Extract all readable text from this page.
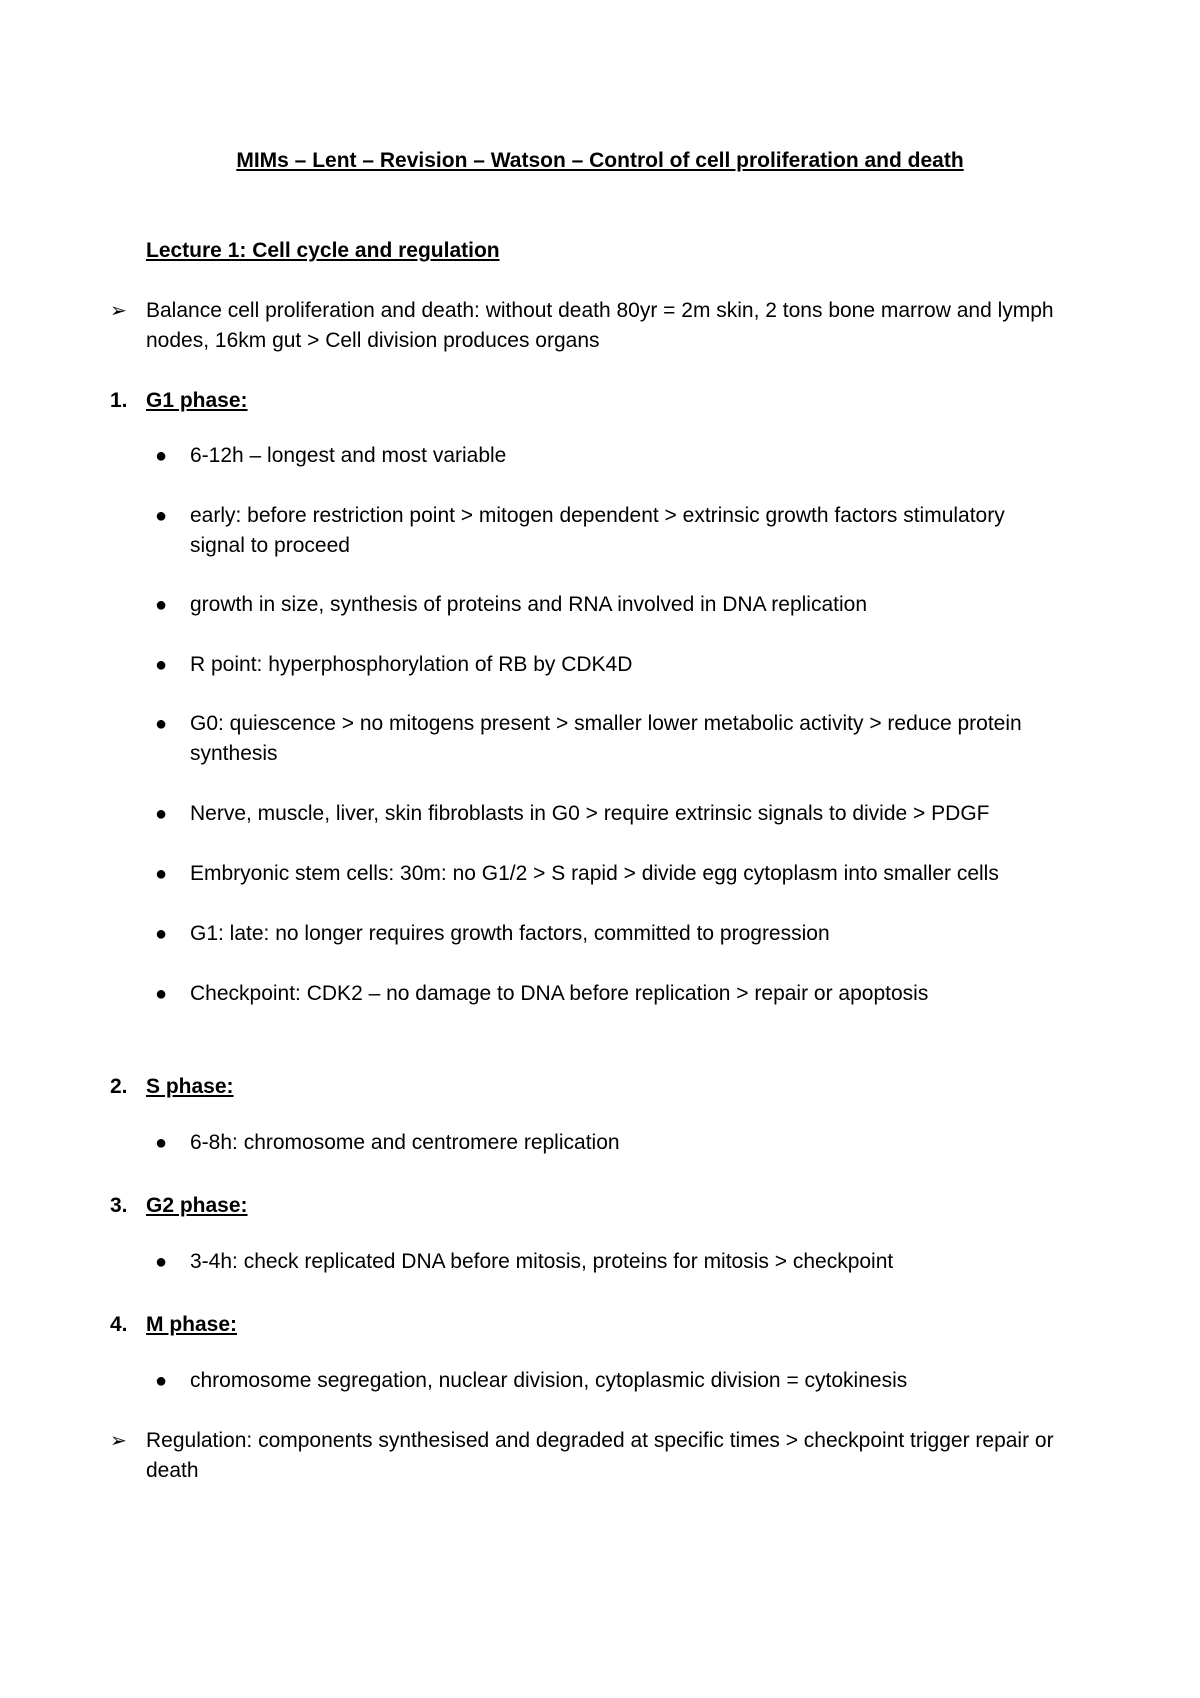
MIMs – Lent – Revision – Watson – Control of cell proliferation and death
Lecture 1: Cell cycle and regulation
➢ Balance cell proliferation and death: without death 80yr = 2m skin, 2 tons bone marrow and lymph nodes, 16km gut > Cell division produces organs
1. G1 phase:
● 6-12h – longest and most variable
● early: before restriction point > mitogen dependent > extrinsic growth factors stimulatory signal to proceed
● growth in size, synthesis of proteins and RNA involved in DNA replication
● R point: hyperphosphorylation of RB by CDK4D
● G0: quiescence > no mitogens present > smaller lower metabolic activity > reduce protein synthesis
● Nerve, muscle, liver, skin fibroblasts in G0 > require extrinsic signals to divide > PDGF
● Embryonic stem cells: 30m: no G1/2 > S rapid > divide egg cytoplasm into smaller cells
● G1: late: no longer requires growth factors, committed to progression
● Checkpoint: CDK2 – no damage to DNA before replication > repair or apoptosis
2. S phase:
● 6-8h: chromosome and centromere replication
3. G2 phase:
● 3-4h: check replicated DNA before mitosis, proteins for mitosis > checkpoint
4. M phase:
● chromosome segregation, nuclear division, cytoplasmic division = cytokinesis
➢ Regulation: components synthesised and degraded at specific times > checkpoint trigger repair or death
